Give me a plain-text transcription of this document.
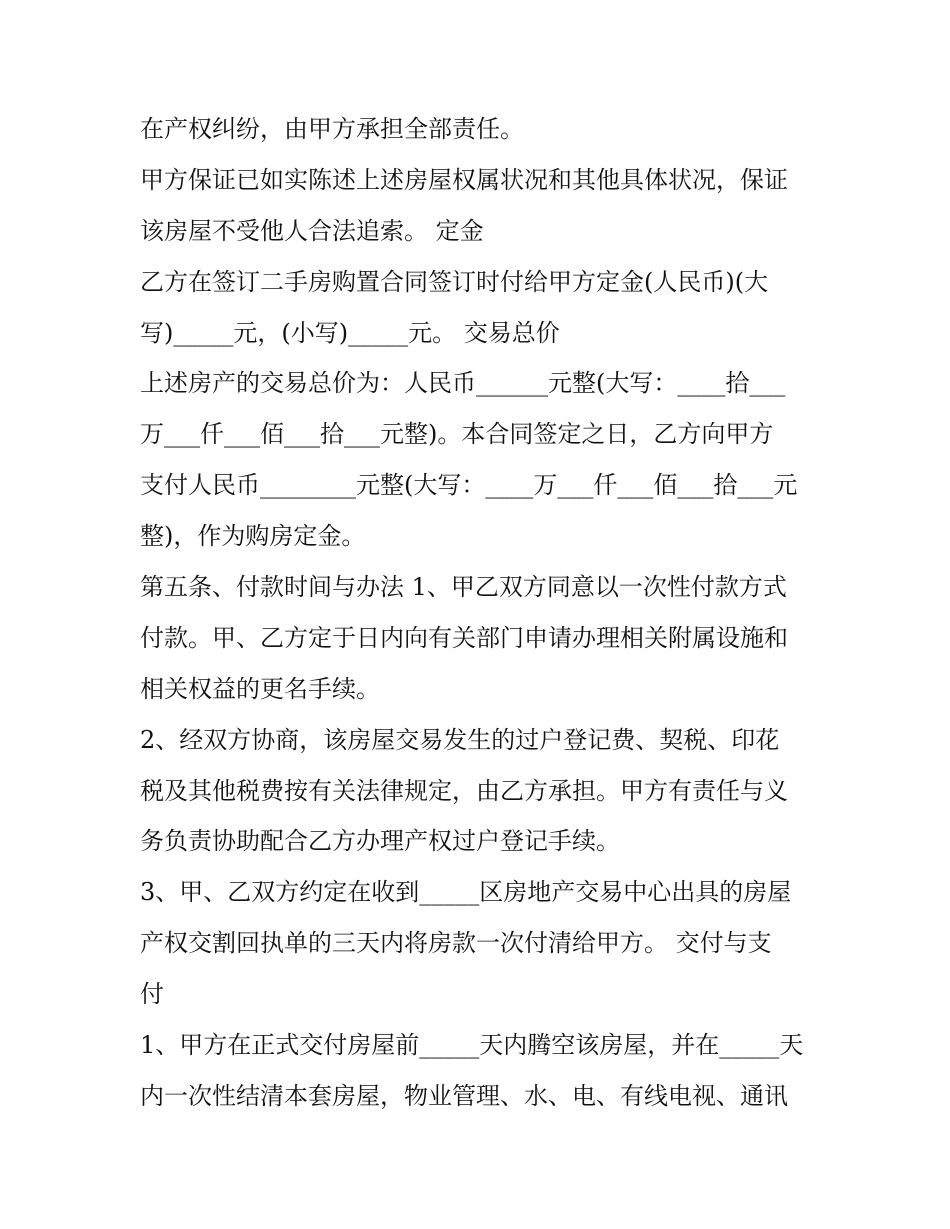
在产权纠纷，由甲方承担全部责任。
甲方保证已如实陈述上述房屋权属状况和其他具体状况，保证
该房屋不受他人合法追索。 定金
乙方在签订二手房购置合同签订时付给甲方定金(人民币)(大
写)_____元，(小写)_____元。 交易总价
上述房产的交易总价为：人民币______元整(大写：____拾___
万___仟___佰___拾___元整)。本合同签定之日，乙方向甲方
支付人民币________元整(大写：____万___仟___佰___拾___元
整)，作为购房定金。
第五条、付款时间与办法 1、甲乙双方同意以一次性付款方式
付款。甲、乙方定于日内向有关部门申请办理相关附属设施和
相关权益的更名手续。
2、经双方协商，该房屋交易发生的过户登记费、契税、印花
税及其他税费按有关法律规定，由乙方承担。甲方有责任与义
务负责协助配合乙方办理产权过户登记手续。
3、甲、乙双方约定在收到_____区房地产交易中心出具的房屋
产权交割回执单的三天内将房款一次付清给甲方。 交付与支
付
1、甲方在正式交付房屋前_____天内腾空该房屋，并在_____天
内一次性结清本套房屋，物业管理、水、电、有线电视、通讯
